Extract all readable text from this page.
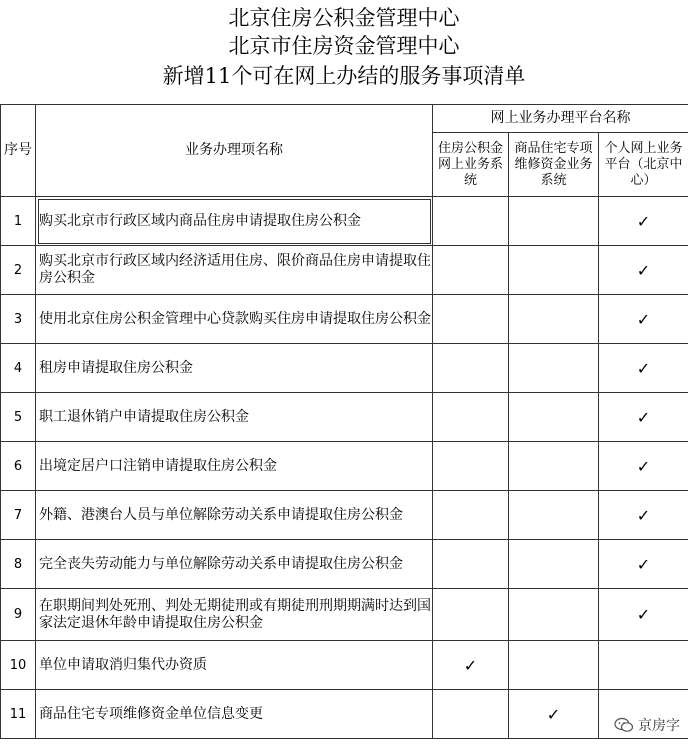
北京住房公积金管理中心
北京市住房资金管理中心
新增11个可在网上办结的服务事项清单
序号	业务办理项名称	网上业务办理平台名称		
		住房公积金网上业务系统	商品住宅专项维修资金业务系统	个人网上业务平台（北京中心）
1	购买北京市行政区域内商品住房申请提取住房公积金			✓
2	购买北京市行政区域内经济适用住房、限价商品住房申请提取住房公积金			✓
3	使用北京住房公积金管理中心贷款购买住房申请提取住房公积金			✓
4	租房申请提取住房公积金			✓
5	职工退休销户申请提取住房公积金			✓
6	出境定居户口注销申请提取住房公积金			✓
7	外籍、港澳台人员与单位解除劳动关系申请提取住房公积金			✓
8	完全丧失劳动能力与单位解除劳动关系申请提取住房公积金			✓
9	在职期间判处死刑、判处无期徒刑或有期徒刑刑期期满时达到国家法定退休年龄申请提取住房公积金			✓
10	单位申请取消归集代办资质	✓		
11	商品住宅专项维修资金单位信息变更		✓	
京房字
